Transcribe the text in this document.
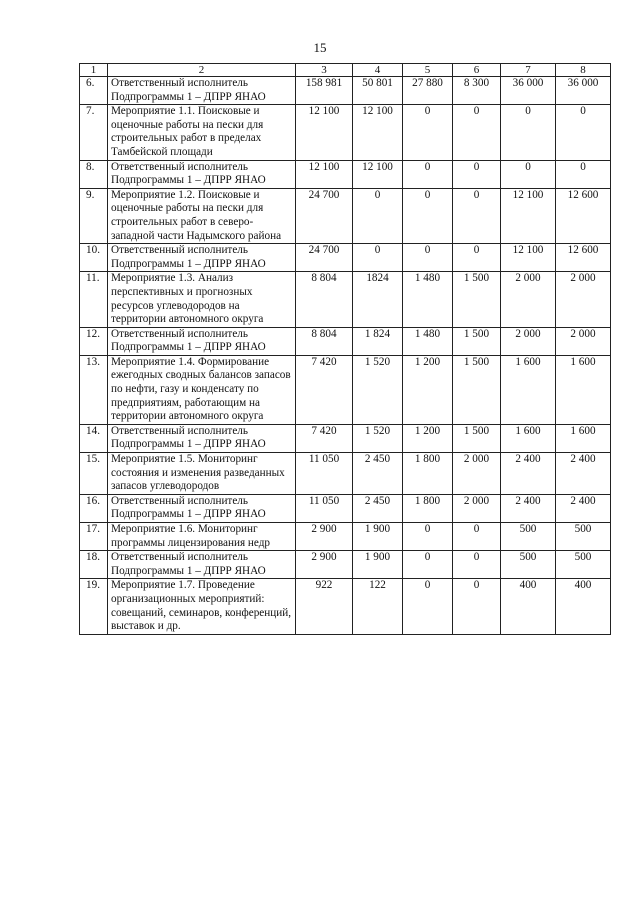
15
1	2	3	4	5	6	7	8
6.	Ответственный исполнитель Подпрограммы 1 – ДПРР ЯНАО	158 981	50 801	27 880	8 300	36 000	36 000
7.	Мероприятие 1.1. Поисковые и оценочные работы на пески для строительных работ в пределах Тамбейской площади	12 100	12 100	0	0	0	0
8.	Ответственный исполнитель Подпрограммы 1 – ДПРР ЯНАО	12 100	12 100	0	0	0	0
9.	Мероприятие 1.2. Поисковые и оценочные работы на пески для строительных работ в северо-западной части Надымского района	24 700	0	0	0	12 100	12 600
10.	Ответственный исполнитель Подпрограммы 1 – ДПРР ЯНАО	24 700	0	0	0	12 100	12 600
11.	Мероприятие 1.3. Анализ перспективных и прогнозных ресурсов углеводородов на территории автономного округа	8 804	1824	1 480	1 500	2 000	2 000
12.	Ответственный исполнитель Подпрограммы 1 – ДПРР ЯНАО	8 804	1 824	1 480	1 500	2 000	2 000
13.	Мероприятие 1.4. Формирование ежегодных сводных балансов запасов по нефти, газу и конденсату по предприятиям, работающим на территории автономного округа	7 420	1 520	1 200	1 500	1 600	1 600
14.	Ответственный исполнитель Подпрограммы 1 – ДПРР ЯНАО	7 420	1 520	1 200	1 500	1 600	1 600
15.	Мероприятие 1.5. Мониторинг состояния и изменения разведанных запасов углеводородов	11 050	2 450	1 800	2 000	2 400	2 400
16.	Ответственный исполнитель Подпрограммы 1 – ДПРР ЯНАО	11 050	2 450	1 800	2 000	2 400	2 400
17.	Мероприятие 1.6. Мониторинг программы лицензирования недр	2 900	1 900	0	0	500	500
18.	Ответственный исполнитель Подпрограммы 1 – ДПРР ЯНАО	2 900	1 900	0	0	500	500
19.	Мероприятие 1.7. Проведение организационных мероприятий: совещаний, семинаров, конференций, выставок и др.	922	122	0	0	400	400
